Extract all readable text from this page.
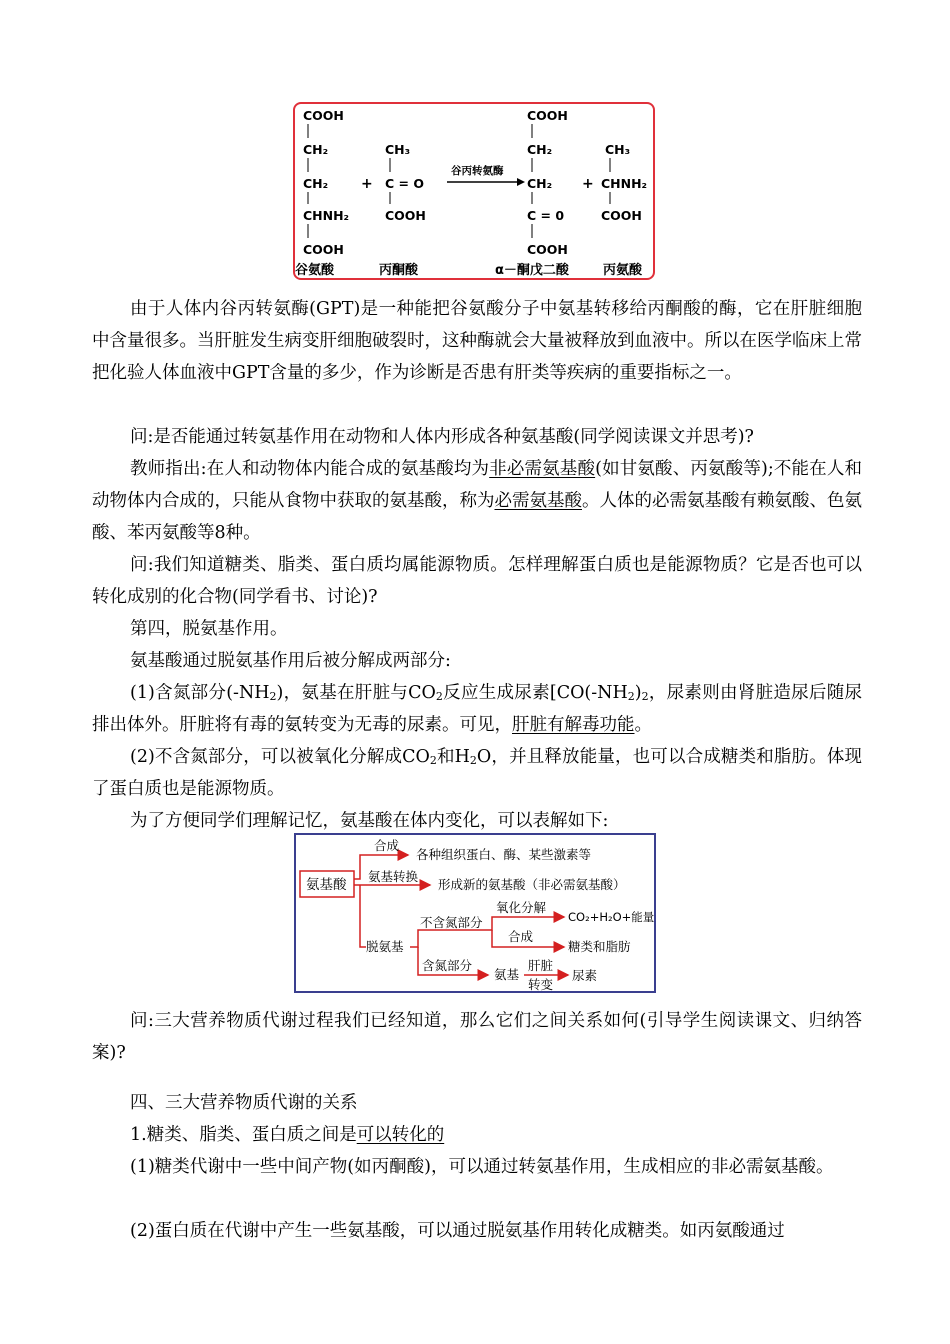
COOH
CH₂
CH₂
CHNH₂
COOH
+
CH₃
C = O
COOH
谷丙转氨酶
COOH
CH₂
CH₂
C = 0
COOH
+
CH₃
CHNH₂
COOH
谷氨酸	丙酮酸	α－酮戊二酸	丙氨酸

由于人体内谷丙转氨酶(GPT)是一种能把谷氨酸分子中氨基转移给丙酮酸的酶，它在肝脏细胞中含量很多。当肝脏发生病变肝细胞破裂时，这种酶就会大量被释放到血液中。所以在医学临床上常把化验人体血液中GPT含量的多少，作为诊断是否患有肝类等疾病的重要指标之一。

问:是否能通过转氨基作用在动物和人体内形成各种氨基酸(同学阅读课文并思考)?

教师指出:在人和动物体内能合成的氨基酸均为非必需氨基酸(如甘氨酸、丙氨酸等);不能在人和动物体内合成的，只能从食物中获取的氨基酸，称为必需氨基酸。人体的必需氨基酸有赖氨酸、色氨酸、苯丙氨酸等8种。

问:我们知道糖类、脂类、蛋白质均属能源物质。怎样理解蛋白质也是能源物质？它是否也可以转化成别的化合物(同学看书、讨论)?

第四，脱氨基作用。

氨基酸通过脱氨基作用后被分解成两部分:

(1)含氮部分$(-NH_2)$，氨基在肝脏与$CO_2$反应生成尿素[$CO(-NH_2)_2$，尿素则由肾脏造尿后随尿排出体外。肝脏将有毒的氨转变为无毒的尿素。可见，肝脏有解毒功能。

(2)不含氮部分，可以被氧化分解成$CO_2$和$H_2O$，并且释放能量，也可以合成糖类和脂肪。体现了蛋白质也是能源物质。

为了方便同学们理解记忆，氨基酸在体内变化，可以表解如下:

氨基酸
合成
各种组织蛋白、酶、某些激素等
氨基转换
形成新的氨基酸（非必需氨基酸）
脱氨基
不含氮部分
氧化分解
CO₂+H₂O+能量
合成
糖类和脂肪
含氮部分
氨基
肝脏
转变
尿素

问:三大营养物质代谢过程我们已经知道，那么它们之间关系如何(引导学生阅读课文、归纳答案)?

四、三大营养物质代谢的关系

1.糖类、脂类、蛋白质之间是可以转化的

(1)糖类代谢中一些中间产物(如丙酮酸)，可以通过转氨基作用，生成相应的非必需氨基酸。

(2)蛋白质在代谢中产生一些氨基酸，可以通过脱氨基作用转化成糖类。如丙氨酸通过
